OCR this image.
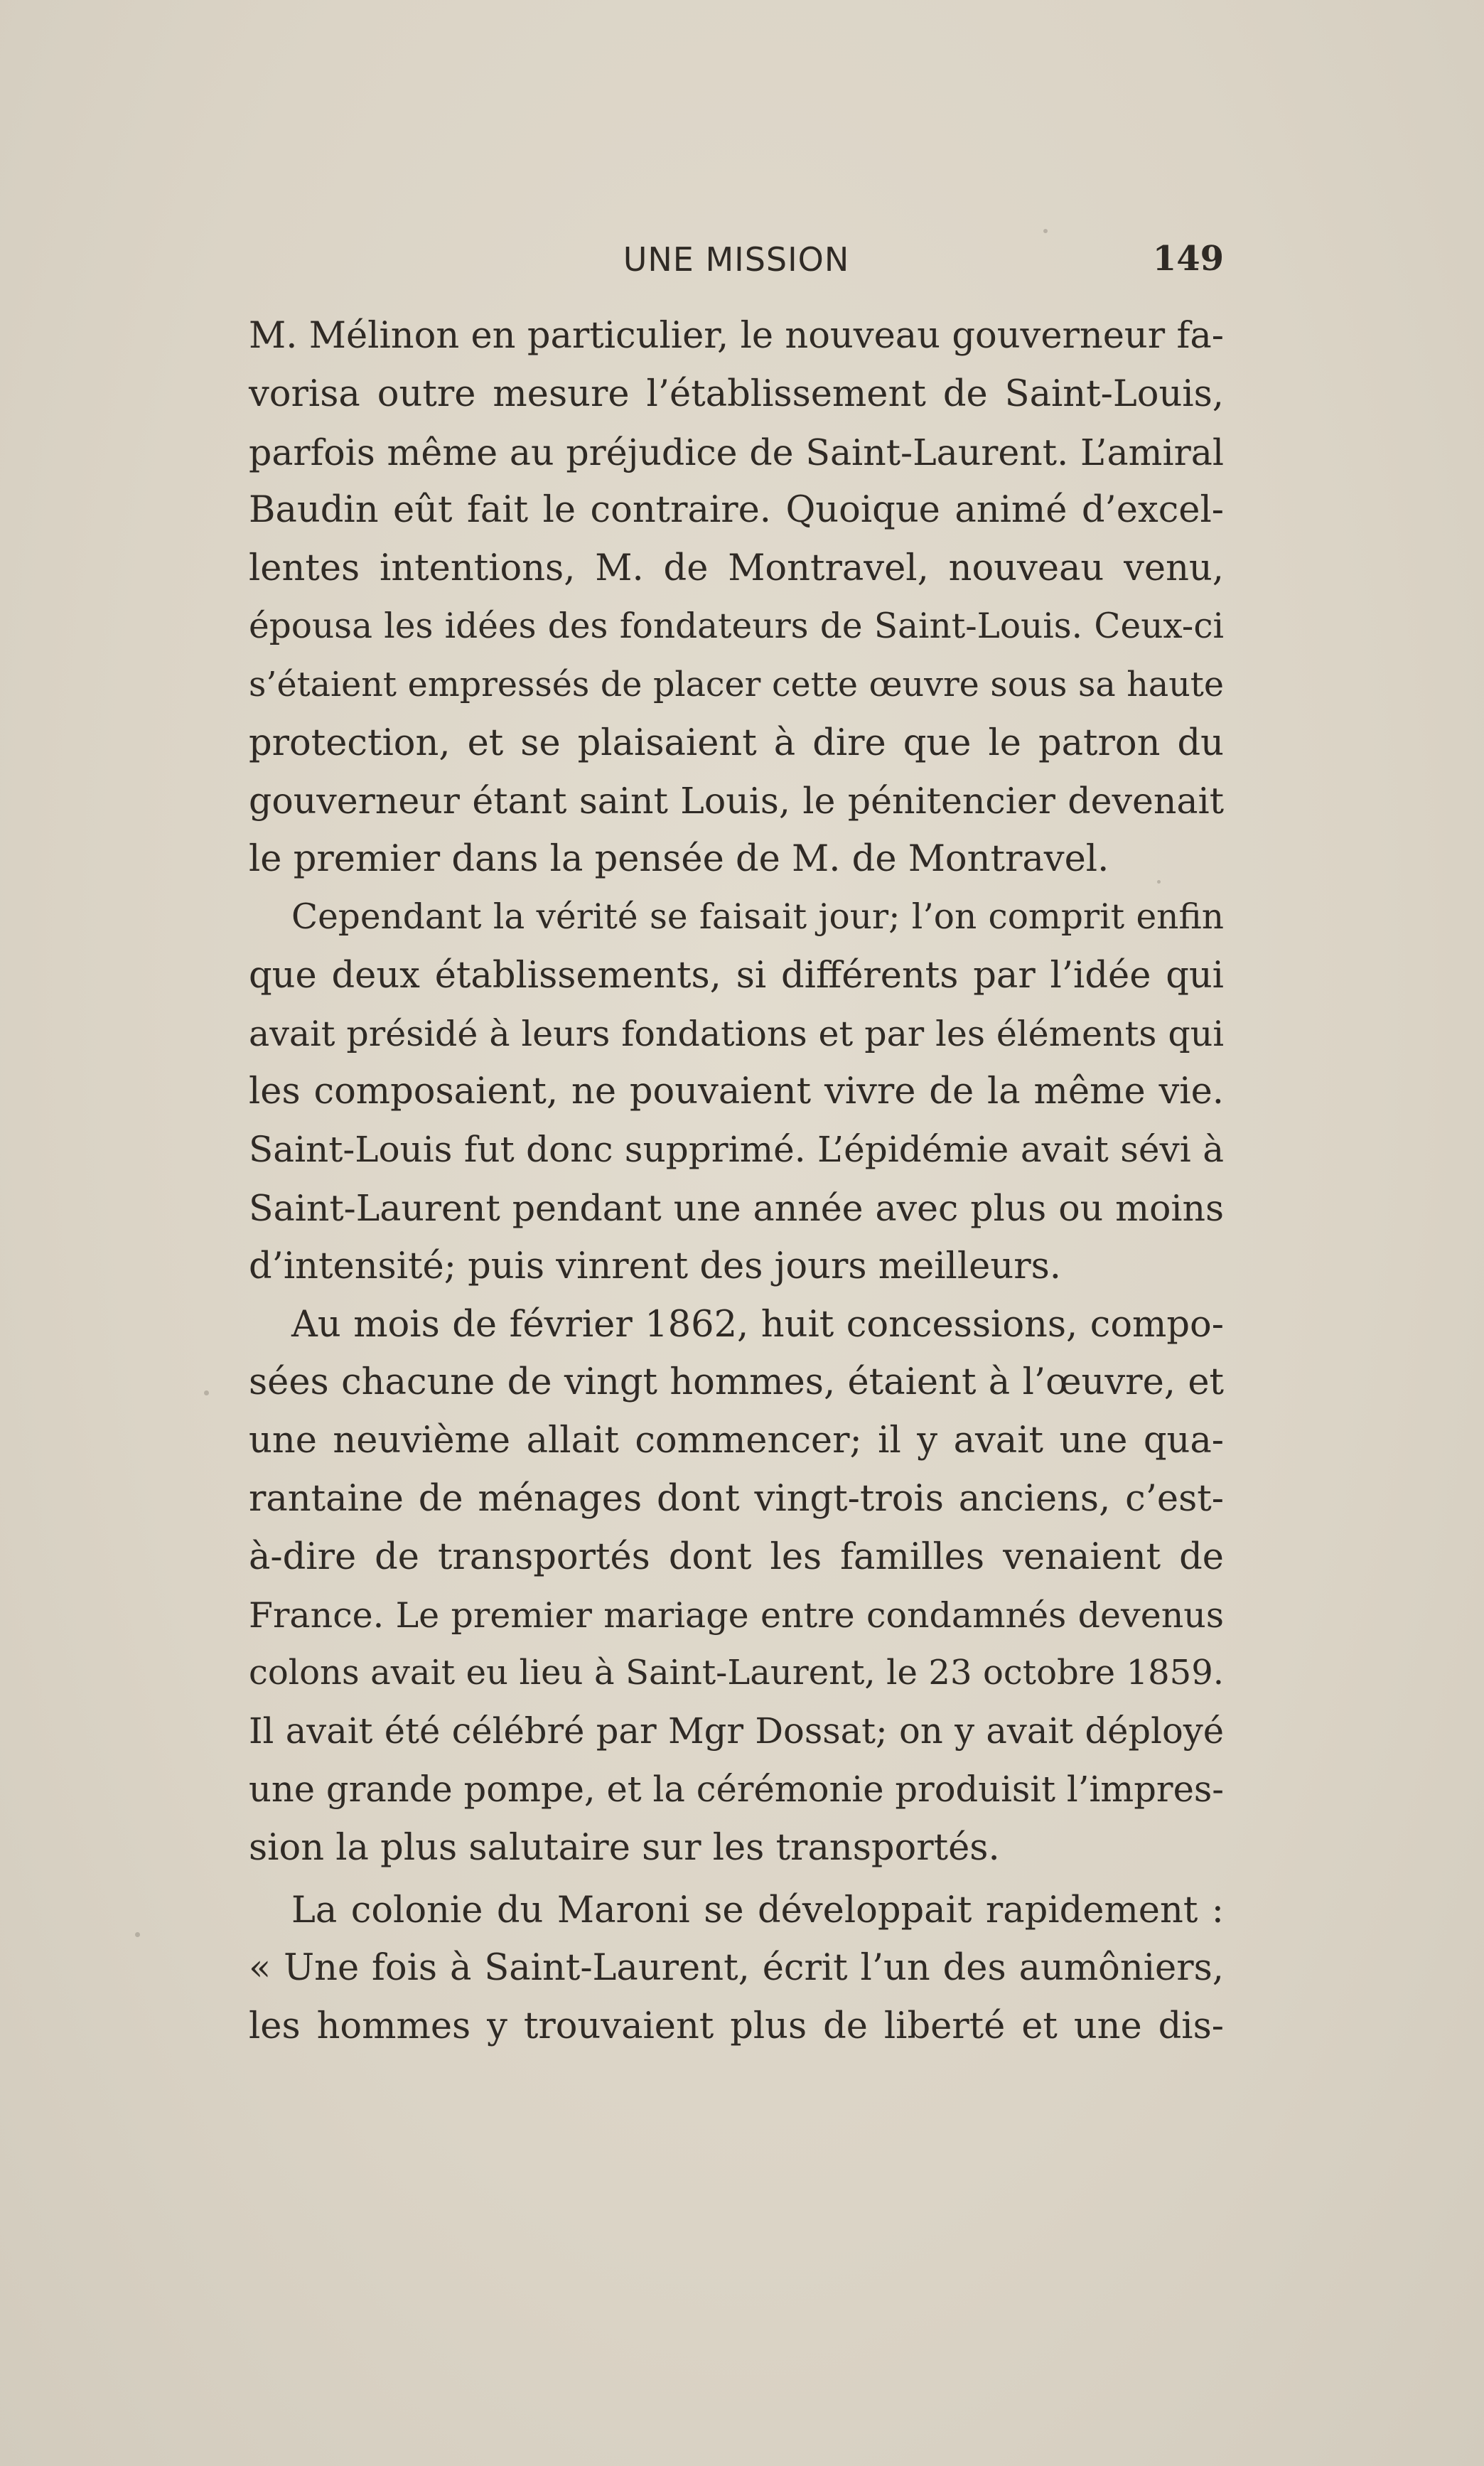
UNE MISSION	149
M. Mélinon en particulier, le nouveau gouverneur fa-
vorisa outre mesure l’établissement de Saint-Louis,
parfois même au préjudice de Saint-Laurent. L’amiral
Baudin eût fait le contraire. Quoique animé d’excel-
lentes intentions, M. de Montravel, nouveau venu,
épousa les idées des fondateurs de Saint-Louis. Ceux-ci
s’étaient empressés de placer cette œuvre sous sa haute
protection, et se plaisaient à dire que le patron du
gouverneur étant saint Louis, le pénitencier devenait
le premier dans la pensée de M. de Montravel.
Cependant la vérité se faisait jour; l’on comprit enfin
que deux établissements, si différents par l’idée qui
avait présidé à leurs fondations et par les éléments qui
les composaient, ne pouvaient vivre de la même vie.
Saint-Louis fut donc supprimé. L’épidémie avait sévi à
Saint-Laurent pendant une année avec plus ou moins
d’intensité; puis vinrent des jours meilleurs.
Au mois de février 1862, huit concessions, compo-
sées chacune de vingt hommes, étaient à l’œuvre, et
une neuvième allait commencer; il y avait une qua-
rantaine de ménages dont vingt-trois anciens, c’est-
à-dire de transportés dont les familles venaient de
France. Le premier mariage entre condamnés devenus
colons avait eu lieu à Saint-Laurent, le 23 octobre 1859.
Il avait été célébré par Mgr Dossat; on y avait déployé
une grande pompe, et la cérémonie produisit l’impres-
sion la plus salutaire sur les transportés.
La colonie du Maroni se développait rapidement :
« Une fois à Saint-Laurent, écrit l’un des aumôniers,
les hommes y trouvaient plus de liberté et une dis-
